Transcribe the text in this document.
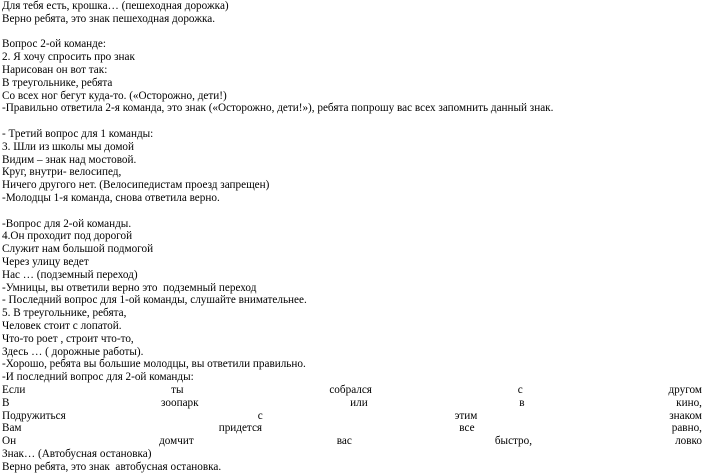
Для тебя есть, крошка… (пешеходная дорожка)
Верно ребята, это знак пешеходная дорожка.
Вопрос 2-ой команде:
2. Я хочу спросить про знак
Нарисован он вот так:
В треугольнике, ребята
Со всех ног бегут куда-то. («Осторожно, дети!)
-Правильно ответила 2-я команда, это знак («Осторожно, дети!»), ребята попрошу вас всех запомнить данный знак.
- Третий вопрос для 1 команды:
3. Шли из школы мы домой
Видим – знак над мостовой.
Круг, внутри- велосипед,
Ничего другого нет. (Велосипедистам проезд запрещен)
-Молодцы 1-я команда, снова ответила верно.
-Вопрос для 2-ой команды.
4.Он проходит под дорогой
Служит нам большой подмогой
Через улицу ведет
Нас … (подземный переход)
-Умницы, вы ответили верно это  подземный переход
- Последний вопрос для 1-ой команды, слушайте внимательнее.
5. В треугольнике, ребята,
Человек стоит с лопатой.
Что-то роет , строит что-то,
Здесь … ( дорожные работы).
-Хорошо, ребята вы большие молодцы, вы ответили правильно.
-И последний вопрос для 2-ой команды:
Если	ты	собрался	с	другом
В	зоопарк	или	в	кино,
Подружиться	с	этим	знаком
Вам	придется	все	равно,
Он	домчит	вас	быстро,	ловко
Знак… (Автобусная остановка)
Верно ребята, это знак  автобусная остановка.
